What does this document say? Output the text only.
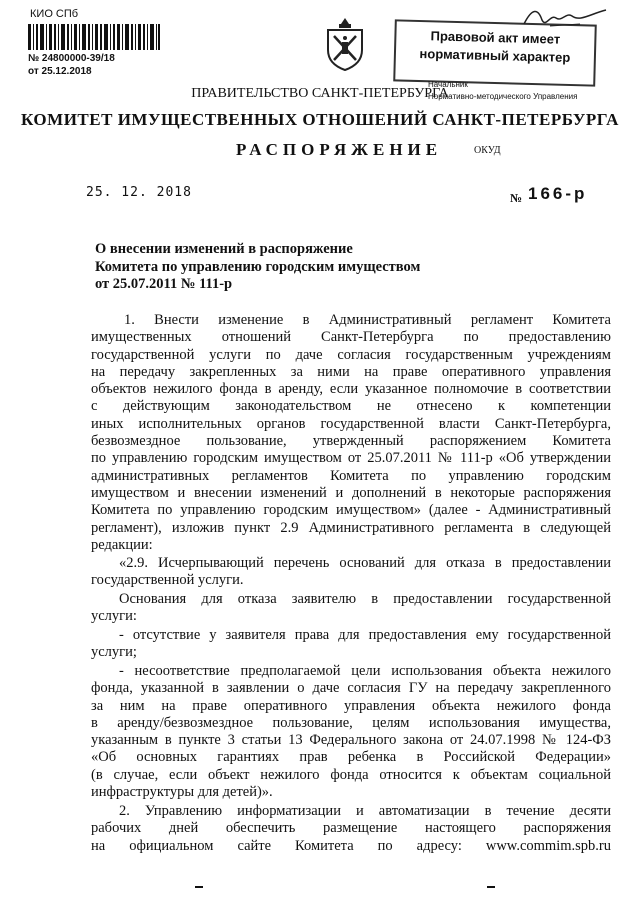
КИО СПб
№ 24800000-39/18
от 25.12.2018
Правовой акт имеет
нормативный характер
Начальник
Нормативно-методического Управления
ПРАВИТЕЛЬСТВО САНКТ-ПЕТЕРБУРГА
КОМИТЕТ ИМУЩЕСТВЕННЫХ ОТНОШЕНИЙ САНКТ-ПЕТЕРБУРГА
РАСПОРЯЖЕНИЕ	ОКУД
25. 12. 2018	№ 166-р
О внесении изменений в распоряжение
Комитета по управлению городским имуществом
от 25.07.2011 № 111-р
1. Внести изменение в Административный регламент Комитета
имущественных отношений Санкт-Петербурга по предоставлению
государственной услуги по даче согласия государственным учреждениям
на передачу закрепленных за ними на праве оперативного управления
объектов нежилого фонда в аренду, если указанное полномочие в соответствии
с действующим законодательством не отнесено к компетенции
иных исполнительных органов государственной власти Санкт-Петербурга,
безвозмездное пользование, утвержденный распоряжением Комитета
по управлению городским имуществом от 25.07.2011 № 111-р «Об утверждении
административных регламентов Комитета по управлению городским
имуществом и внесении изменений и дополнений в некоторые распоряжения
Комитета по управлению городским имуществом» (далее - Административный
регламент), изложив пункт 2.9 Административного регламента в следующей
редакции:
«2.9. Исчерпывающий перечень оснований для отказа в предоставлении
государственной услуги.
Основания для отказа заявителю в предоставлении государственной
услуги:
- отсутствие у заявителя права для предоставления ему государственной
услуги;
- несоответствие предполагаемой цели использования объекта нежилого
фонда, указанной в заявлении о даче согласия ГУ на передачу закрепленного
за ним на праве оперативного управления объекта нежилого фонда
в аренду/безвозмездное пользование, целям использования имущества,
указанным в пункте 3 статьи 13 Федерального закона от 24.07.1998 № 124-ФЗ
«Об основных гарантиях прав ребенка в Российской Федерации»
(в случае, если объект нежилого фонда относится к объектам социальной
инфраструктуры для детей)».
2. Управлению информатизации и автоматизации в течение десяти
рабочих дней обеспечить размещение настоящего распоряжения
на официальном сайте Комитета по адресу: www.commim.spb.ru
